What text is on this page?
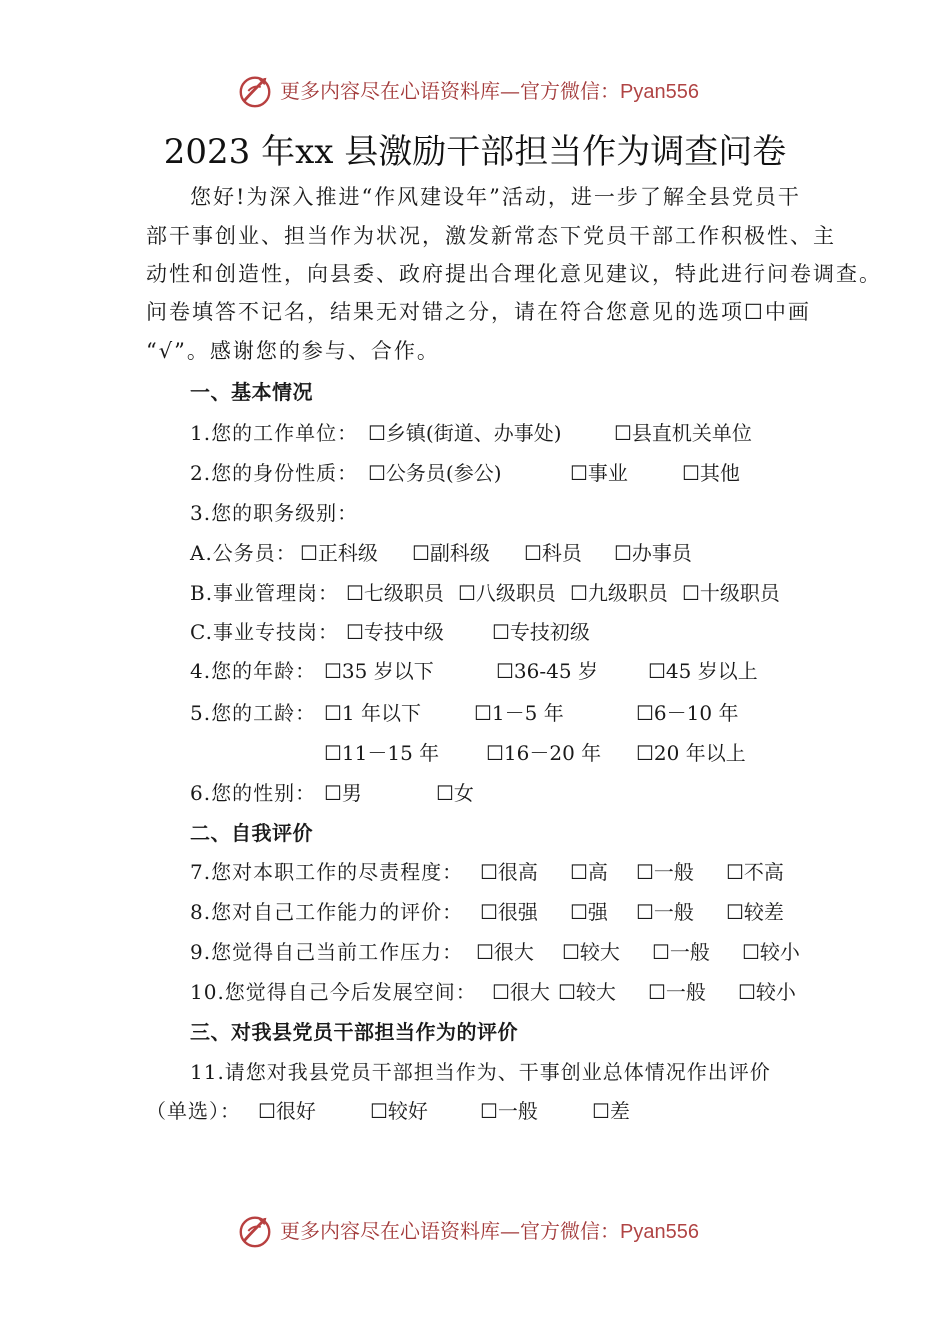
更多内容尽在心语资料库—官方微信：Pyan556
2023 年xx 县激励干部担当作为调查问卷
您好!为深入推进“作风建设年”活动，进一步了解全县党员干
部干事创业、担当作为状况，激发新常态下党员干部工作积极性、主
动性和创造性，向县委、政府提出合理化意见建议，特此进行问卷调查。
问卷填答不记名，结果无对错之分，请在符合您意见的选项☐中画
“√”。感谢您的参与、合作。
一、基本情况
1.您的工作单位： ☐乡镇(街道、办事处)	☐县直机关单位
2.您的身份性质： ☐公务员(参公)	☐事业	☐其他
3.您的职务级别：
A.公务员： ☐正科级 ☐副科级 ☐科员 ☐办事员
B.事业管理岗： ☐七级职员 ☐八级职员 ☐九级职员 ☐十级职员
C.事业专技岗： ☐专技中级 ☐专技初级
4.您的年龄： ☐35 岁以下	☐36-45 岁	☐45 岁以上
5.您的工龄： ☐1 年以下	☐1－5 年	☐6－10 年
☐11－15 年 ☐16－20 年 ☐20 年以上
6.您的性别： ☐男	☐女
二、自我评价
7.您对本职工作的尽责程度： ☐很高 ☐高 ☐一般 ☐不高
8.您对自己工作能力的评价： ☐很强 ☐强 ☐一般 ☐较差
9.您觉得自己当前工作压力： ☐很大 ☐较大 ☐一般 ☐较小
10.您觉得自己今后发展空间： ☐很大 ☐较大 ☐一般 ☐较小
三、对我县党员干部担当作为的评价
11.请您对我县党员干部担当作为、干事创业总体情况作出评价
（单选）： ☐很好	☐较好	☐一般	☐差
更多内容尽在心语资料库—官方微信：Pyan556
